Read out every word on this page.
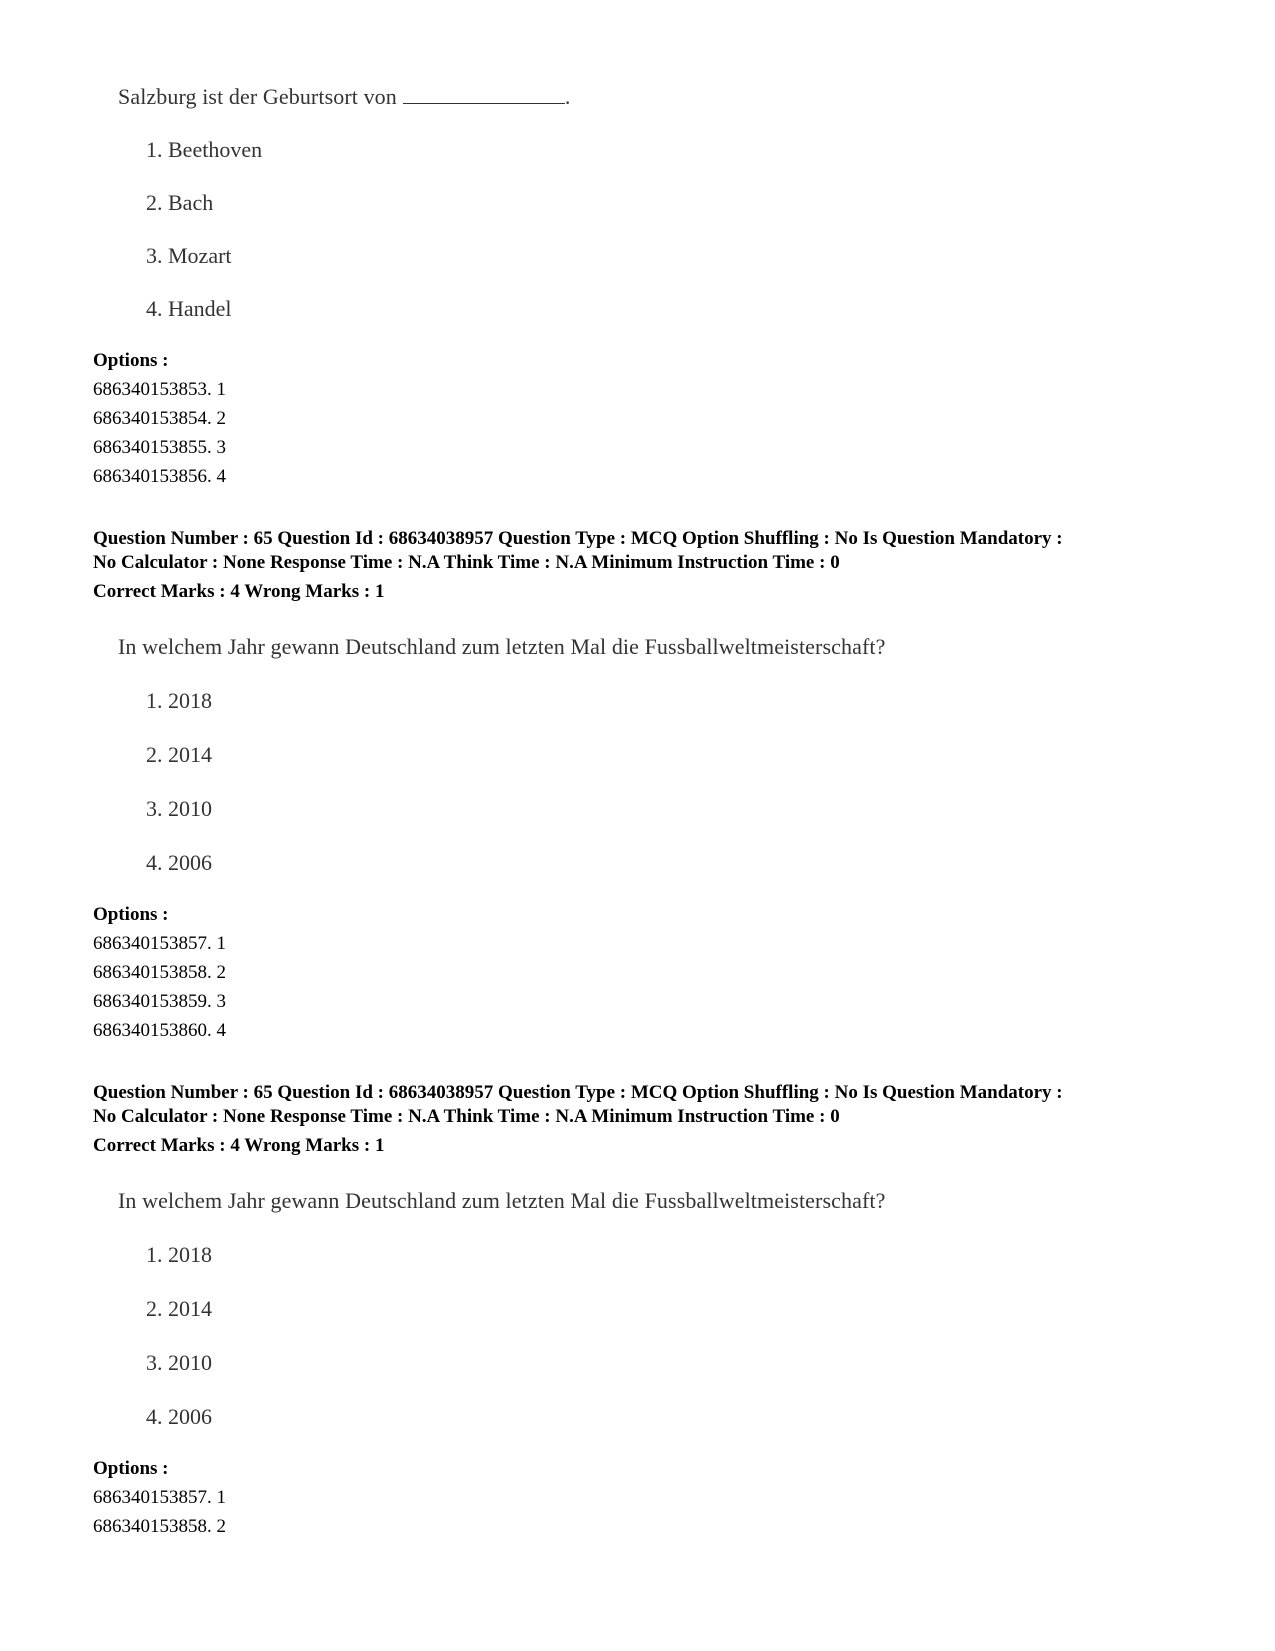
Salzburg ist der Geburtsort von	.
1. Beethoven
2. Bach
3. Mozart
4. Handel
Options :
686340153853. 1
686340153854. 2
686340153855. 3
686340153856. 4
Question Number : 65 Question Id : 68634038957 Question Type : MCQ Option Shuffling : No Is Question Mandatory :
No Calculator : None Response Time : N.A Think Time : N.A Minimum Instruction Time : 0
Correct Marks : 4 Wrong Marks : 1
In welchem Jahr gewann Deutschland zum letzten Mal die Fussballweltmeisterschaft?
1. 2018
2. 2014
3. 2010
4. 2006
Options :
686340153857. 1
686340153858. 2
686340153859. 3
686340153860. 4
Question Number : 65 Question Id : 68634038957 Question Type : MCQ Option Shuffling : No Is Question Mandatory :
No Calculator : None Response Time : N.A Think Time : N.A Minimum Instruction Time : 0
Correct Marks : 4 Wrong Marks : 1
In welchem Jahr gewann Deutschland zum letzten Mal die Fussballweltmeisterschaft?
1. 2018
2. 2014
3. 2010
4. 2006
Options :
686340153857. 1
686340153858. 2
